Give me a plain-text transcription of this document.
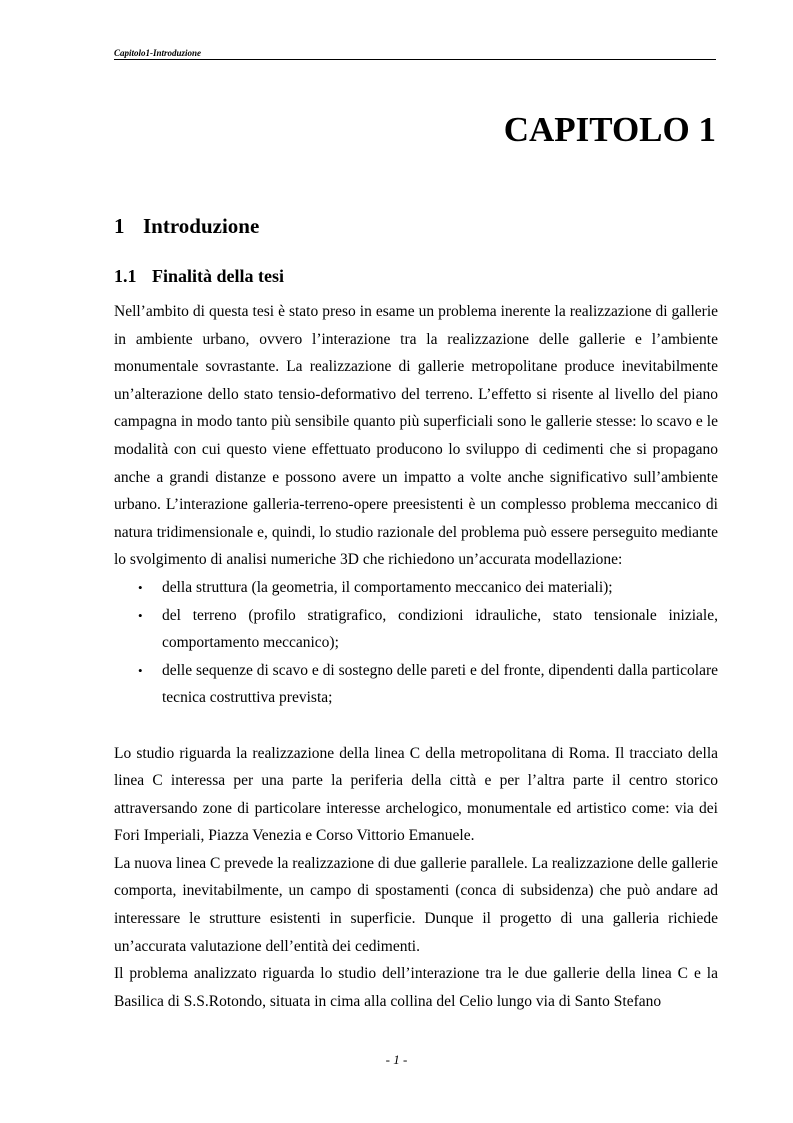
Capitolo1-Introduzione
CAPITOLO 1
1 Introduzione
1.1 Finalità della tesi

Nell’ambito di questa tesi è stato preso in esame un problema inerente la realizzazione di gallerie in ambiente urbano, ovvero l’interazione tra la realizzazione delle gallerie e l’ambiente monumentale sovrastante. La realizzazione di gallerie metropolitane produce inevitabilmente un’alterazione dello stato tensio-deformativo del terreno. L’effetto si risente al livello del piano campagna in modo tanto più sensibile quanto più superficiali sono le gallerie stesse: lo scavo e le modalità con cui questo viene effettuato producono lo sviluppo di cedimenti che si propagano anche a grandi distanze e possono avere un impatto a volte anche significativo sull’ambiente urbano. L’interazione galleria-terreno-opere preesistenti è un complesso problema meccanico di natura tridimensionale e, quindi, lo studio razionale del problema può essere perseguito mediante lo svolgimento di analisi numeriche 3D che richiedono un’accurata modellazione:

• della struttura (la geometria, il comportamento meccanico dei materiali);
• del terreno (profilo stratigrafico, condizioni idrauliche, stato tensionale iniziale, comportamento meccanico);
• delle sequenze di scavo e di sostegno delle pareti e del fronte, dipendenti dalla particolare tecnica costruttiva prevista;

Lo studio riguarda la realizzazione della linea C della metropolitana di Roma. Il tracciato della linea C interessa per una parte la periferia della città e per l’altra parte il centro storico attraversando zone di particolare interesse archelogico, monumentale ed artistico come: via dei Fori Imperiali, Piazza Venezia e Corso Vittorio Emanuele.

La nuova linea C prevede la realizzazione di due gallerie parallele. La realizzazione delle gallerie comporta, inevitabilmente, un campo di spostamenti (conca di subsidenza) che può andare ad interessare le strutture esistenti in superficie. Dunque il progetto di una galleria richiede un’accurata valutazione dell’entità dei cedimenti.

Il problema analizzato riguarda lo studio dell’interazione tra le due gallerie della linea C e la Basilica di S.S.Rotondo, situata in cima alla collina del Celio lungo via di Santo Stefano

- 1 -
